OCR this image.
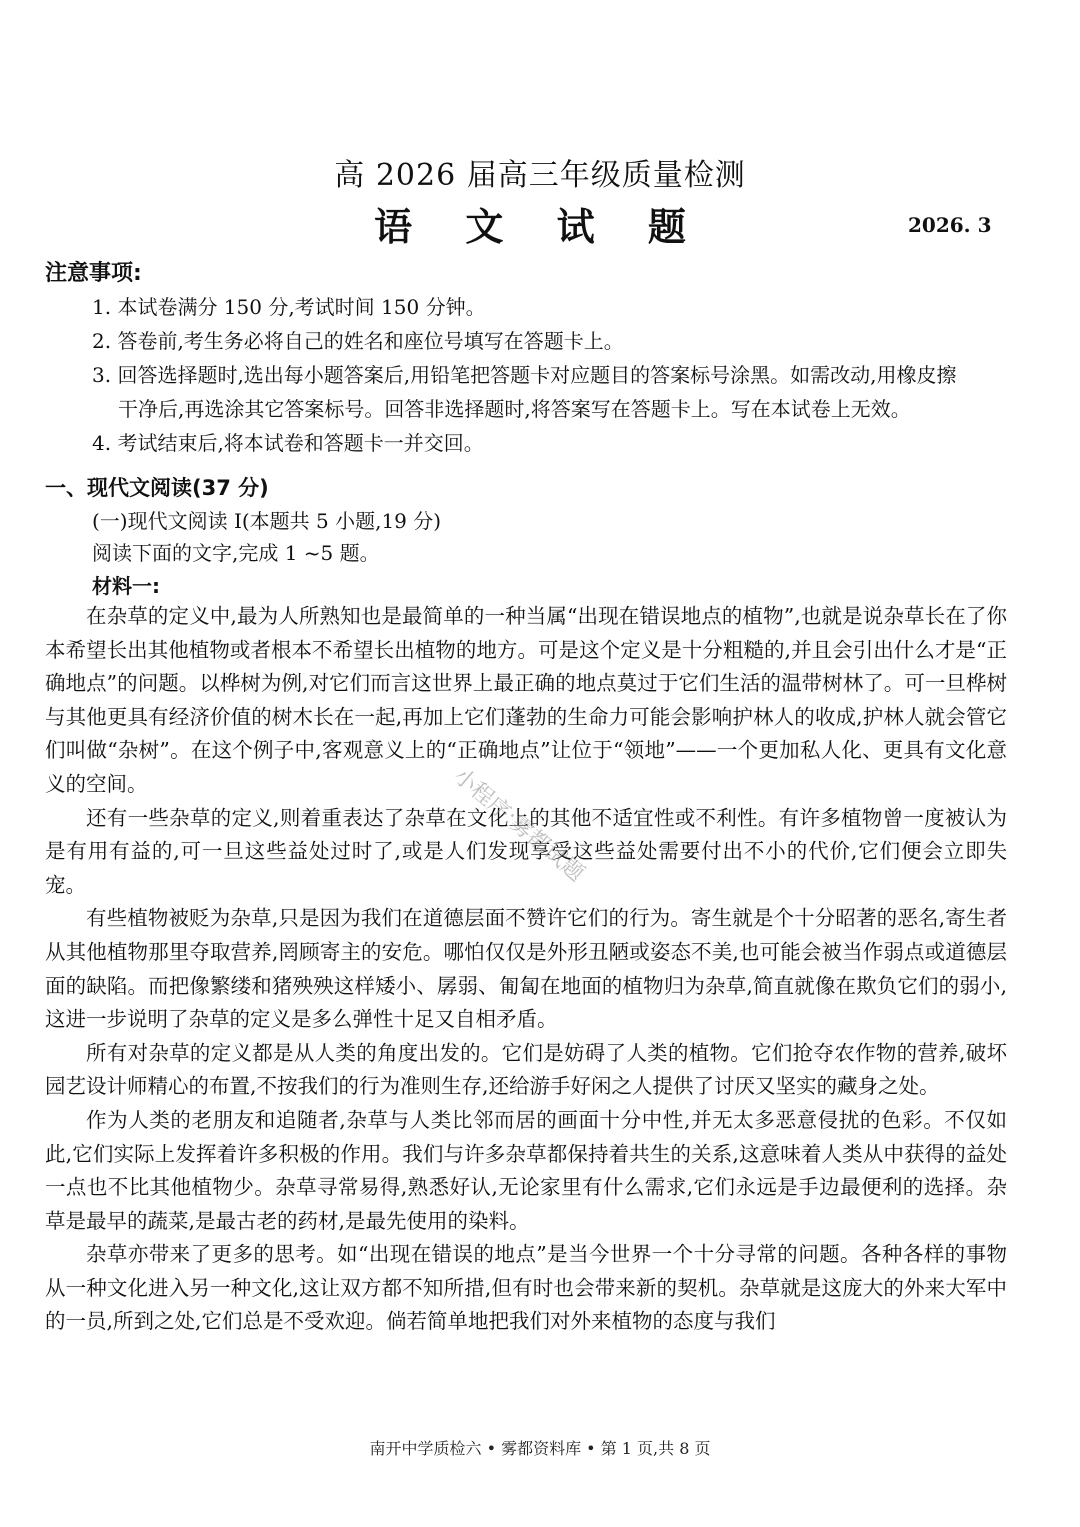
高 2026 届高三年级质量检测
语 文 试 题	2026. 3
注意事项:
1. 本试卷满分 150 分,考试时间 150 分钟。
2. 答卷前,考生务必将自己的姓名和座位号填写在答题卡上。
3. 回答选择题时,选出每小题答案后,用铅笔把答题卡对应题目的答案标号涂黑。如需改动,用橡皮擦
干净后,再选涂其它答案标号。回答非选择题时,将答案写在答题卡上。写在本试卷上无效。
4. 考试结束后,将本试卷和答题卡一并交回。
一、现代文阅读(37 分)
(一)现代文阅读 I(本题共 5 小题,19 分)
阅读下面的文字,完成 1 ~5 题。
材料一:

在杂草的定义中,最为人所熟知也是最简单的一种当属“出现在错误地点的植物”,也就是说杂草长在了你本希望长出其他植物或者根本不希望长出植物的地方。可是这个定义是十分粗糙的,并且会引出什么才是“正确地点”的问题。以桦树为例,对它们而言这世界上最正确的地点莫过于它们生活的温带树林了。可一旦桦树与其他更具有经济价值的树木长在一起,再加上它们蓬勃的生命力可能会影响护林人的收成,护林人就会管它们叫做“杂树”。在这个例子中,客观意义上的“正确地点”让位于“领地”——一个更加私人化、更具有文化意义的空间。

还有一些杂草的定义,则着重表达了杂草在文化上的其他不适宜性或不利性。有许多植物曾一度被认为是有用有益的,可一旦这些益处过时了,或是人们发现享受这些益处需要付出不小的代价,它们便会立即失宠。

有些植物被贬为杂草,只是因为我们在道德层面不赞许它们的行为。寄生就是个十分昭著的恶名,寄生者从其他植物那里夺取营养,罔顾寄主的安危。哪怕仅仅是外形丑陋或姿态不美,也可能会被当作弱点或道德层面的缺陷。而把像繁缕和猪殃殃这样矮小、孱弱、匍匐在地面的植物归为杂草,简直就像在欺负它们的弱小,这进一步说明了杂草的定义是多么弹性十足又自相矛盾。

所有对杂草的定义都是从人类的角度出发的。它们是妨碍了人类的植物。它们抢夺农作物的营养,破坏园艺设计师精心的布置,不按我们的行为准则生存,还给游手好闲之人提供了讨厌又坚实的藏身之处。

作为人类的老朋友和追随者,杂草与人类比邻而居的画面十分中性,并无太多恶意侵扰的色彩。不仅如此,它们实际上发挥着许多积极的作用。我们与许多杂草都保持着共生的关系,这意味着人类从中获得的益处一点也不比其他植物少。杂草寻常易得,熟悉好认,无论家里有什么需求,它们永远是手边最便利的选择。杂草是最早的蔬菜,是最古老的药材,是最先使用的染料。

杂草亦带来了更多的思考。如“出现在错误的地点”是当今世界一个十分寻常的问题。各种各样的事物从一种文化进入另一种文化,这让双方都不知所措,但有时也会带来新的契机。杂草就是这庞大的外来大军中的一员,所到之处,它们总是不受欢迎。倘若简单地把我们对外来植物的态度与我们

小程序:雾都试题
南开中学质检六 • 雾都资料库 • 第 1 页,共 8 页
